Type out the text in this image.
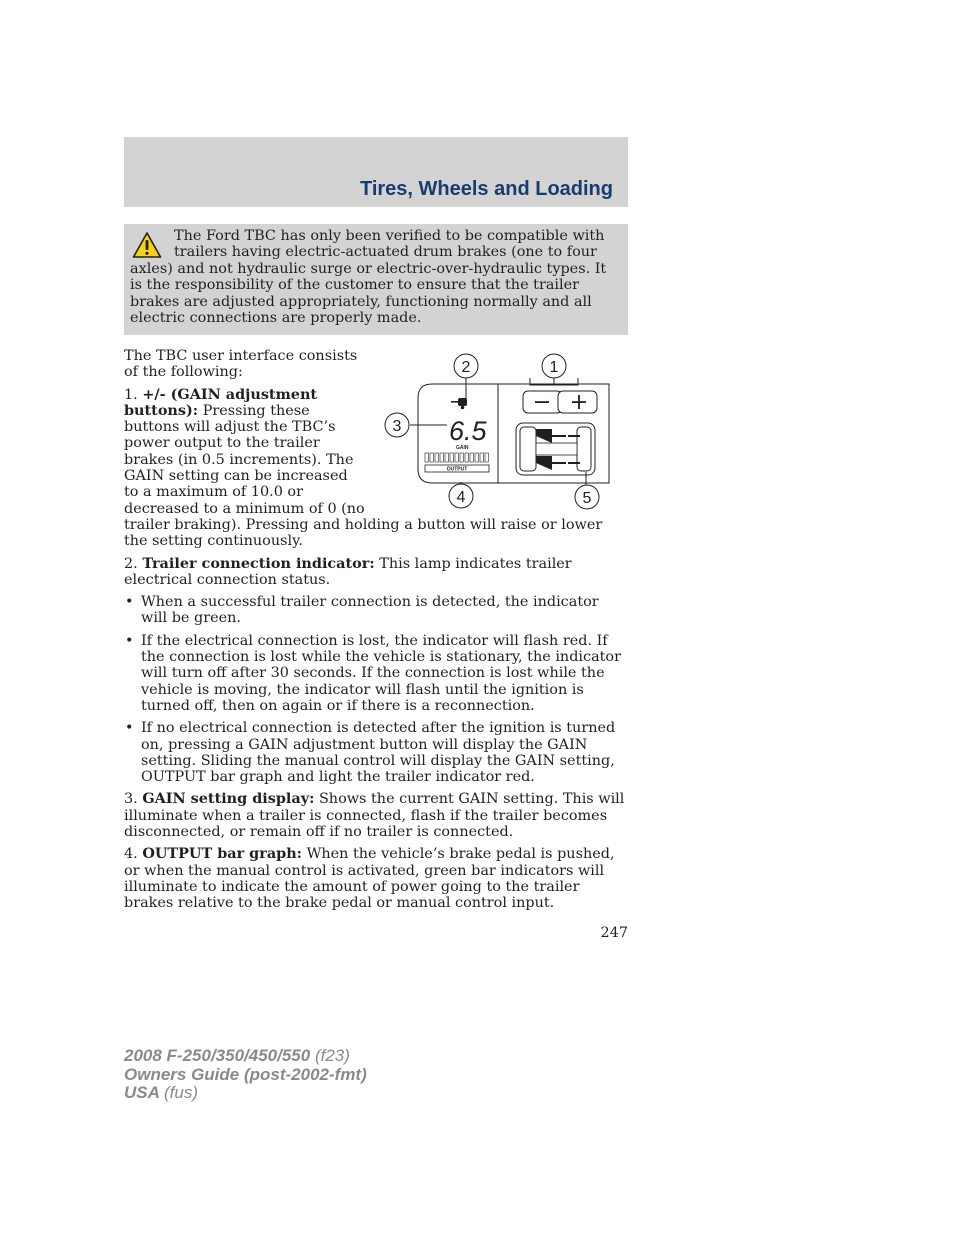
Tires, Wheels and Loading

The Ford TBC has only been verified to be compatible with trailers having electric-actuated drum brakes (one to four axles) and not hydraulic surge or electric-over-hydraulic types. It is the responsibility of the customer to ensure that the trailer brakes are adjusted appropriately, functioning normally and all electric connections are properly made.

6.5
GAIN
OUTPUT
1
2
3
4	5

The TBC user interface consists of the following:

1. +/- (GAIN adjustment buttons): Pressing these buttons will adjust the TBC’s power output to the trailer brakes (in 0.5 increments). The GAIN setting can be increased to a maximum of 10.0 or decreased to a minimum of 0 (no trailer braking). Pressing and holding a button will raise or lower the setting continuously.

2. Trailer connection indicator: This lamp indicates trailer electrical connection status.

• When a successful trailer connection is detected, the indicator will be green.
• If the electrical connection is lost, the indicator will flash red. If the connection is lost while the vehicle is stationary, the indicator will turn off after 30 seconds. If the connection is lost while the vehicle is moving, the indicator will flash until the ignition is turned off, then on again or if there is a reconnection.
• If no electrical connection is detected after the ignition is turned on, pressing a GAIN adjustment button will display the GAIN setting. Sliding the manual control will display the GAIN setting, OUTPUT bar graph and light the trailer indicator red.

3. GAIN setting display: Shows the current GAIN setting. This will illuminate when a trailer is connected, flash if the trailer becomes disconnected, or remain off if no trailer is connected.

4. OUTPUT bar graph: When the vehicle’s brake pedal is pushed, or when the manual control is activated, green bar indicators will illuminate to indicate the amount of power going to the trailer brakes relative to the brake pedal or manual control input.

247
2008 F-250/350/450/550 (f23)
Owners Guide (post-2002-fmt)
USA (fus)
